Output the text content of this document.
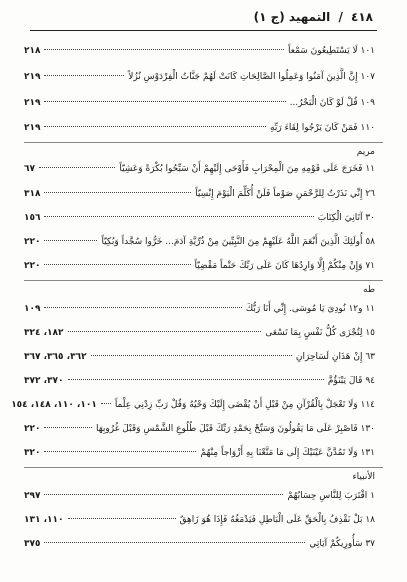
٤١٨ / التمهيد (ج ١)
١٠١ لَا يَسْتَطِيعُونَ سَمْعاً
٢١٨
١٠٧ إِنَّ الَّذِينَ آمَنُوا وَعَمِلُوا الصَّالِحَاتِ كَانَتْ لَهُمْ جَنَّاتُ الْفِرْدَوْسِ نُزُلاً
٢١٩
١٠٩ قُلْ لَوْ كَانَ الْبَحْرُ...
٢١٩
١١٠ فَمَنْ كَانَ يَرْجُوا لِقَاءَ رَبِّهِ
٢١٩
مريم
١١ فَخَرَجَ عَلَى قَوْمِهِ مِنَ الْمِحْرَابِ فَأَوْحَى إِلَيْهِمْ أَنْ سَبِّحُوا بُكْرَةً وَعَشِيّاً
٦٧
٢٦ إِنِّي نَذَرْتُ لِلرَّحْمَنِ صَوْماً فَلَنْ أُكَلِّمَ الْيَوْمَ إِنْسِيّاً
٣١٨
٣٠ آتَانِيَ الْكِتَابَ
١٥٦
٥٨ أُولَئِكَ الَّذِينَ أَنْعَمَ اللَّهُ عَلَيْهِمْ مِنَ النَّبِيِّينَ مِنْ ذُرِّيَّةِ آدَمَ... خَرُّوا سُجَّداً وَبُكِيّاً
٢٢٠
٧١ وَإِنْ مِنْكُمْ إِلَّا وَارِدُهَا كَانَ عَلَى رَبِّكَ حَتْماً مَقْضِيّاً
٢٢٠
طه
١١ و١٢ نُودِيَ يَا مُوسَى. إِنِّي أَنَا رَبُّكَ
١٠٩
١٥ لِتُجْزَى كُلُّ نَفْسٍ بِمَا تَسْعَى
١٨٢، ٣٢٤
٦٣ إِنْ هَذَانِ لَسَاحِرَانِ
٣٦٢، ٣٦٥، ٣٦٧
٩٤ قَالَ يَبْنَؤُمَّ
٣٧٠، ٣٧٢
١١٤ وَلَا تَعْجَلْ بِالْقُرْآنِ مِنْ قَبْلِ أَنْ يُقْضَى إِلَيْكَ وَحْيُهُ وَقُلْ رَبِّ زِدْنِي عِلْماً
١٠١، ١١٠، ١٤٨، ١٥٤
١٣٠ فَاصْبِرْ عَلَى مَا يَقُولُونَ وَسَبِّحْ بِحَمْدِ رَبِّكَ قَبْلَ طُلُوعِ الشَّمْسِ وَقَبْلَ غُرُوبِهَا
٢٢٠
١٣١ وَلَا تَمُدَّنَّ عَيْنَيْكَ إِلَى مَا مَتَّعْنَا بِهِ أَزْوَاجاً مِنْهُمْ
٣٢٠
الأنبياء
١ اقْتَرَبَ لِلنَّاسِ حِسَابُهُمْ
٢٩٧
١٨ بَلْ نَقْذِفُ بِالْحَقِّ عَلَى الْبَاطِلِ فَيَدْمَغُهُ فَإِذَا هُوَ زَاهِقٌ
١١٠، ١٣١
٣٧ سَأُورِيكُمْ آيَاتِي
٣٧٥
